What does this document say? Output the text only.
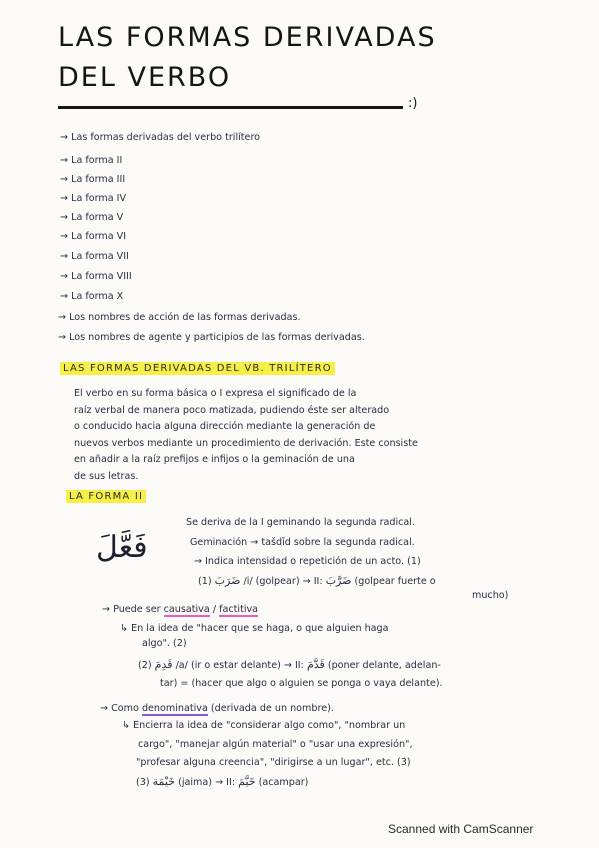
LAS FORMAS DERIVADAS
DEL VERBO
:)
→ Las formas derivadas del verbo trilítero
→ La forma II
→ La forma III
→ La forma IV
→ La forma V
→ La forma VI
→ La forma VII
→ La forma VIII
→ La forma X
→ Los nombres de acción de las formas derivadas.
→ Los nombres de agente y participios de las formas derivadas.
LAS FORMAS DERIVADAS DEL VB. TRILÍTERO
El verbo en su forma básica o I expresa el significado de la
raíz verbal de manera poco matizada, pudiendo éste ser alterado
o conducido hacia alguna dirección mediante la generación de
nuevos verbos mediante un procedimiento de derivación. Este consiste
en añadir a la raíz prefijos e infijos o la geminación de una
de sus letras.
LA FORMA II
فَعَّلَ
Se deriva de la I geminando la segunda radical.
Geminación → tašdīd sobre la segunda radical.
→ Indica intensidad o repetición de un acto. (1)
(1) ضَرَبَ /i/ (golpear) → II: ضَرَّبَ (golpear fuerte o
mucho)
→ Puede ser causativa / factitiva
↳ En la idea de "hacer que se haga, o que alguien haga
algo". (2)
(2) قَدِمَ /a/ (ir o estar delante) → II: قَدَّمَ (poner delante, adelan-
tar) = (hacer que algo o alguien se ponga o vaya delante).
→ Como denominativa (derivada de un nombre).
↳ Encierra la idea de "considerar algo como", "nombrar un
cargo", "manejar algún material" o "usar una expresión",
"profesar alguna creencia", "dirigirse a un lugar", etc. (3)
(3) خَيْمَة (jaima) → II: خَيَّمَ (acampar)
Scanned with CamScanner
